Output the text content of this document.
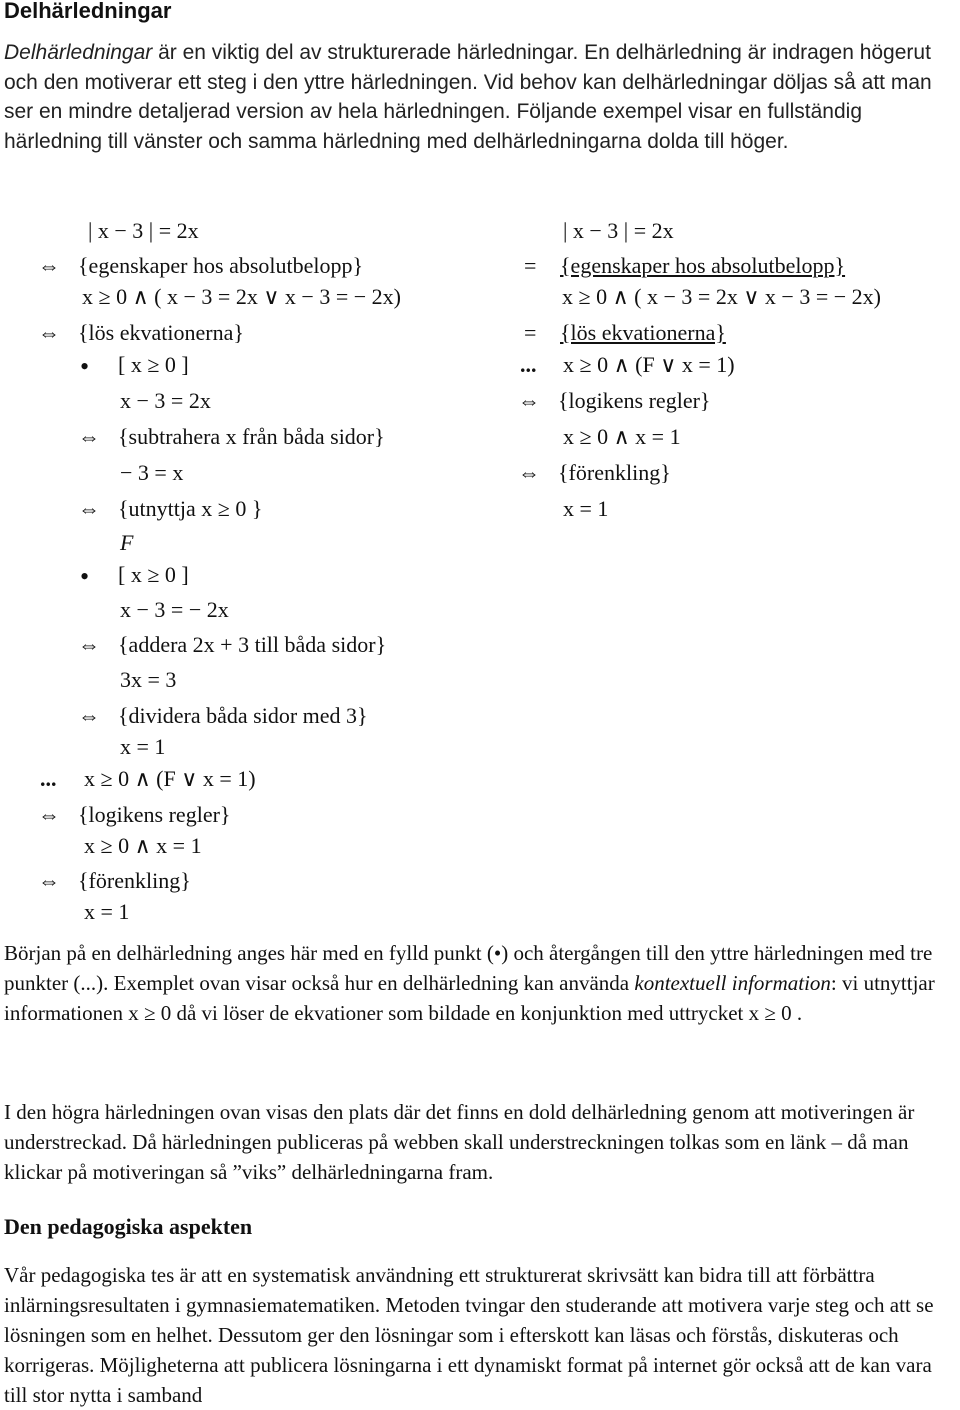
Delhärledningar

Delhärledningar är en viktig del av strukturerade härledningar. En delhärledning är indragen högerut och den motiverar ett steg i den yttre härledningen. Vid behov kan delhärledningar döljas så att man ser en mindre detaljerad version av hela härledningen. Följande exempel visar en fullständig härledning till vänster och samma härledning med delhärledningarna dolda till höger.

| x − 3 | = 2x
⇔ {egenskaper hos absolutbelopp}
x ≥ 0 ∧ ( x − 3 = 2x ∨ x − 3 = − 2x)
⇔ {lös ekvationerna}
• [ x ≥ 0 ]
x − 3 = 2x
⇔ {subtrahera x från båda sidor}
− 3 = x
⇔ {utnyttja x ≥ 0 }
F
• [ x ≥ 0 ]
x − 3 = − 2x
⇔ {addera 2x + 3 till båda sidor}
3x = 3
⇔ {dividera båda sidor med 3}
x = 1
... x ≥ 0 ∧ (F ∨ x = 1)
⇔ {logikens regler}
x ≥ 0 ∧ x = 1
⇔ {förenkling}
x = 1
| x − 3 | = 2x
= {egenskaper hos absolutbelopp}
x ≥ 0 ∧ ( x − 3 = 2x ∨ x − 3 = − 2x)
= {lös ekvationerna}
... x ≥ 0 ∧ (F ∨ x = 1)
⇔ {logikens regler}
x ≥ 0 ∧ x = 1
⇔ {förenkling}
x = 1

Början på en delhärledning anges här med en fylld punkt (•) och återgången till den yttre härledningen med tre punkter (...). Exemplet ovan visar också hur en delhärledning kan använda kontextuell information: vi utnyttjar informationen x ≥ 0 då vi löser de ekvationer som bildade en konjunktion med uttrycket x ≥ 0 .

I den högra härledningen ovan visas den plats där det finns en dold delhärledning genom att motiveringen är understreckad. Då härledningen publiceras på webben skall understreckningen tolkas som en länk – då man klickar på motiveringan så ”viks” delhärledningarna fram.

Den pedagogiska aspekten

Vår pedagogiska tes är att en systematisk användning ett strukturerat skrivsätt kan bidra till att förbättra inlärningsresultaten i gymnasiematematiken. Metoden tvingar den studerande att motivera varje steg och att se lösningen som en helhet. Dessutom ger den lösningar som i efterskott kan läsas och förstås, diskuteras och korrigeras. Möjligheterna att publicera lösningarna i ett dynamiskt format på internet gör också att de kan vara till stor nytta i samband
